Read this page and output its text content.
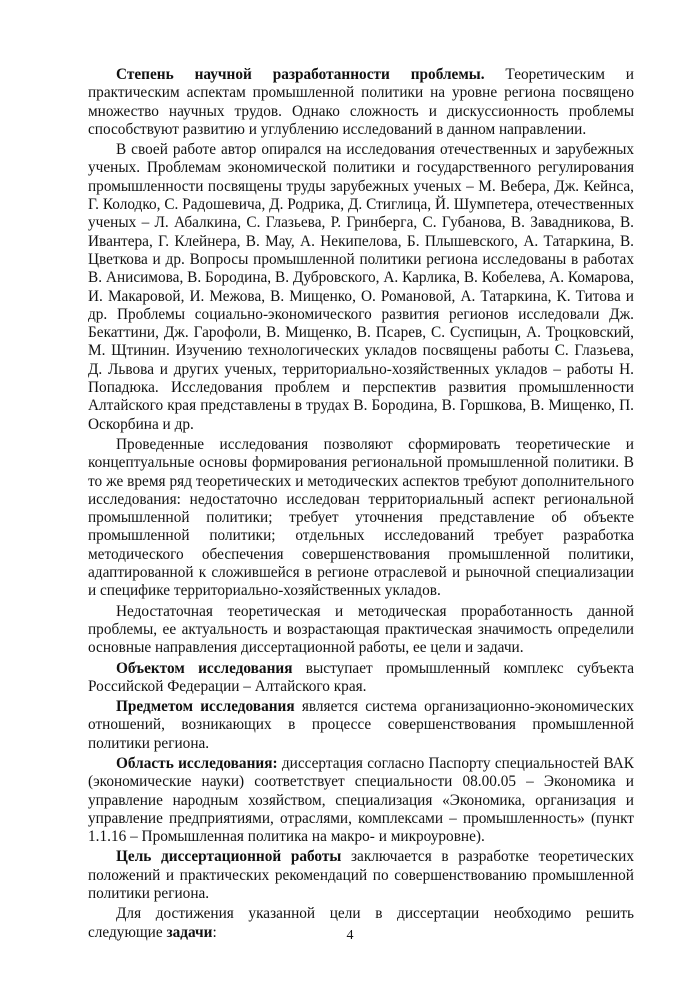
Степень научной разработанности проблемы. Теоретическим и практическим аспектам промышленной политики на уровне региона посвящено множество научных трудов. Однако сложность и дискуссионность проблемы способствуют развитию и углублению исследований в данном направлении.

В своей работе автор опирался на исследования отечественных и зарубежных ученых. Проблемам экономической политики и государственного регулирования промышленности посвящены труды зарубежных ученых – М. Вебера, Дж. Кейнса, Г. Колодко, С. Радошевича, Д. Родрика, Д. Стиглица, Й. Шумпетера, отечественных ученых – Л. Абалкина, С. Глазьева, Р. Гринберга, С. Губанова, В. Завадникова, В. Ивантера, Г. Клейнера, В. Мау, А. Некипелова, Б. Плышевского, А. Татаркина, В. Цветкова и др. Вопросы промышленной политики региона исследованы в работах В. Анисимова, В. Бородина, В. Дубровского, А. Карлика, В. Кобелева, А. Комарова, И. Макаровой, И. Межова, В. Мищенко, О. Романовой, А. Татаркина, К. Титова и др. Проблемы социально-экономического развития регионов исследовали Дж. Бекаттини, Дж. Гарофоли, В. Мищенко, В. Псарев, С. Суспицын, А. Троцковский, М. Щтинин. Изучению технологических укладов посвящены работы С. Глазьева, Д. Львова и других ученых, территориально-хозяйственных укладов – работы Н. Попадюка. Исследования проблем и перспектив развития промышленности Алтайского края представлены в трудах В. Бородина, В. Горшкова, В. Мищенко, П. Оскорбина и др.

Проведенные исследования позволяют сформировать теоретические и концептуальные основы формирования региональной промышленной политики. В то же время ряд теоретических и методических аспектов требуют дополнительного исследования: недостаточно исследован территориальный аспект региональной промышленной политики; требует уточнения представление об объекте промышленной политики; отдельных исследований требует разработка методического обеспечения совершенствования промышленной политики, адаптированной к сложившейся в регионе отраслевой и рыночной специализации и специфике территориально-хозяйственных укладов.

Недостаточная теоретическая и методическая проработанность данной проблемы, ее актуальность и возрастающая практическая значимость определили основные направления диссертационной работы, ее цели и задачи.

Объектом исследования выступает промышленный комплекс субъекта Российской Федерации – Алтайского края.

Предметом исследования является система организационно-экономических отношений, возникающих в процессе совершенствования промышленной политики региона.

Область исследования: диссертация согласно Паспорту специальностей ВАК (экономические науки) соответствует специальности 08.00.05 – Экономика и управление народным хозяйством, специализация «Экономика, организация и управление предприятиями, отраслями, комплексами – промышленность» (пункт 1.1.16 – Промышленная политика на макро- и микроуровне).

Цель диссертационной работы заключается в разработке теоретических положений и практических рекомендаций по совершенствованию промышленной политики региона.

Для достижения указанной цели в диссертации необходимо решить следующие задачи:	4
